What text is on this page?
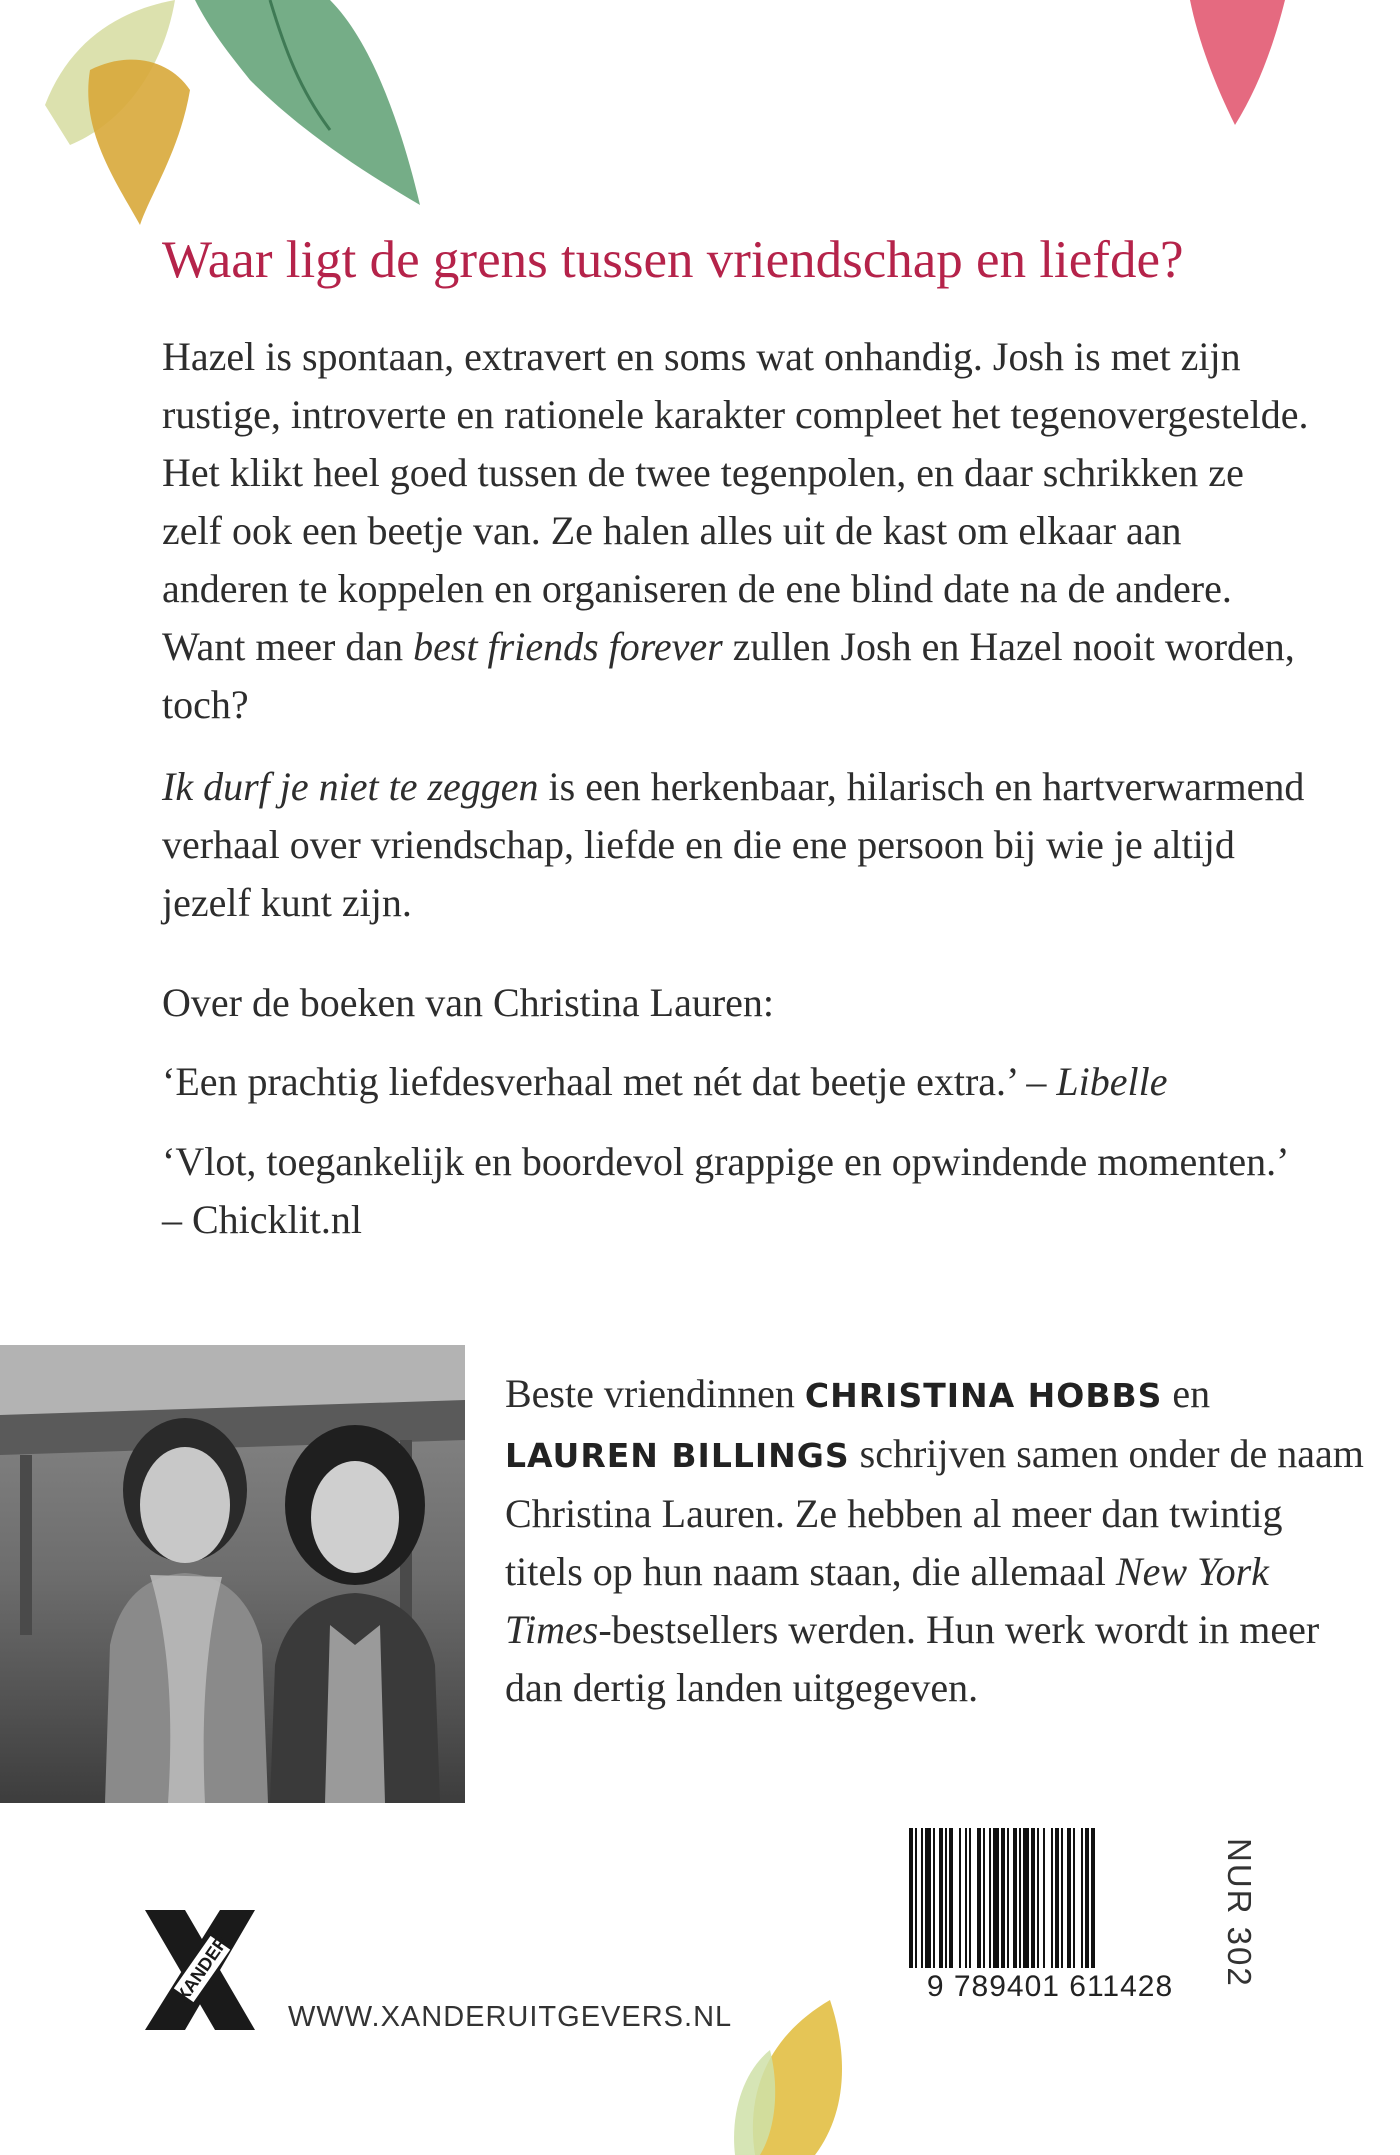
Waar ligt de grens tussen vriendschap en liefde?

Hazel is spontaan, extravert en soms wat onhandig. Josh is met zijn rustige, introverte en rationele karakter compleet het tegenovergestelde. Het klikt heel goed tussen de twee tegenpolen, en daar schrikken ze zelf ook een beetje van. Ze halen alles uit de kast om elkaar aan anderen te koppelen en organiseren de ene blind date na de andere. Want meer dan best friends forever zullen Josh en Hazel nooit worden, toch?

Ik durf je niet te zeggen is een herkenbaar, hilarisch en hartverwarmend verhaal over vriendschap, liefde en die ene persoon bij wie je altijd jezelf kunt zijn.

Over de boeken van Christina Lauren:

‘Een prachtig liefdesverhaal met nét dat beetje extra.’ – Libelle

‘Vlot, toegankelijk en boordevol grappige en opwindende momenten.’ – Chicklit.nl

Beste vriendinnen CHRISTINA HOBBS en LAUREN BILLINGS schrijven samen onder de naam Christina Lauren. Ze hebben al meer dan twintig titels op hun naam staan, die allemaal New York Times-bestsellers werden. Hun werk wordt in meer dan dertig landen uitgegeven.

9 789401 611428	NUR 302
XANDER
WWW.XANDERUITGEVERS.NL
